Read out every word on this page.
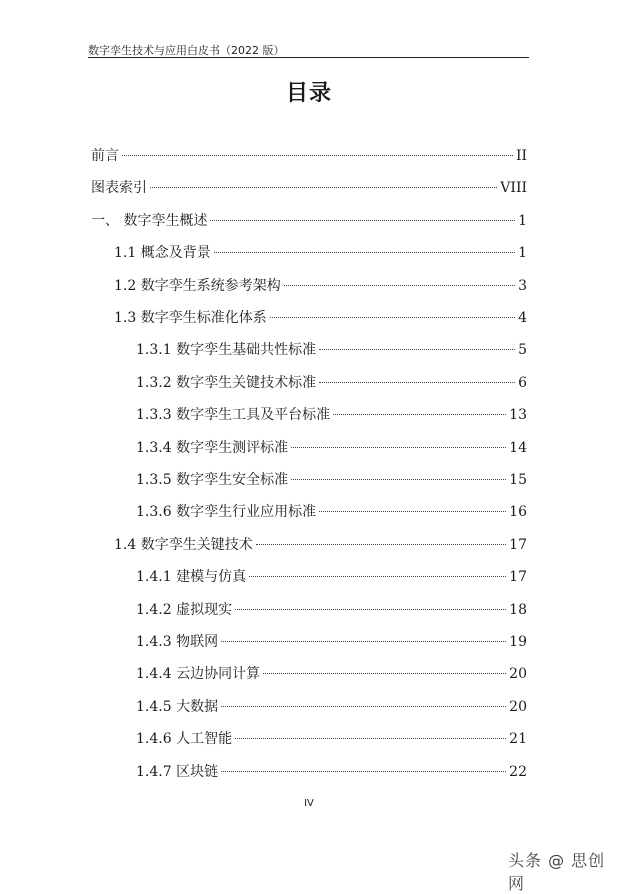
数字孪生技术与应用白皮书（2022 版）
目录
前言	II
图表索引	VIII
一、 数字孪生概述	1
1.1 概念及背景	1
1.2 数字孪生系统参考架构	3
1.3 数字孪生标准化体系	4
1.3.1 数字孪生基础共性标准	5
1.3.2 数字孪生关键技术标准	6
1.3.3 数字孪生工具及平台标准	13
1.3.4 数字孪生测评标准	14
1.3.5 数字孪生安全标准	15
1.3.6 数字孪生行业应用标准	16
1.4 数字孪生关键技术	17
1.4.1 建模与仿真	17
1.4.2 虚拟现实	18
1.4.3 物联网	19
1.4.4 云边协同计算	20
1.4.5 大数据	20
1.4.6 人工智能	21
1.4.7 区块链	22
IV
头条 @ 思创网
